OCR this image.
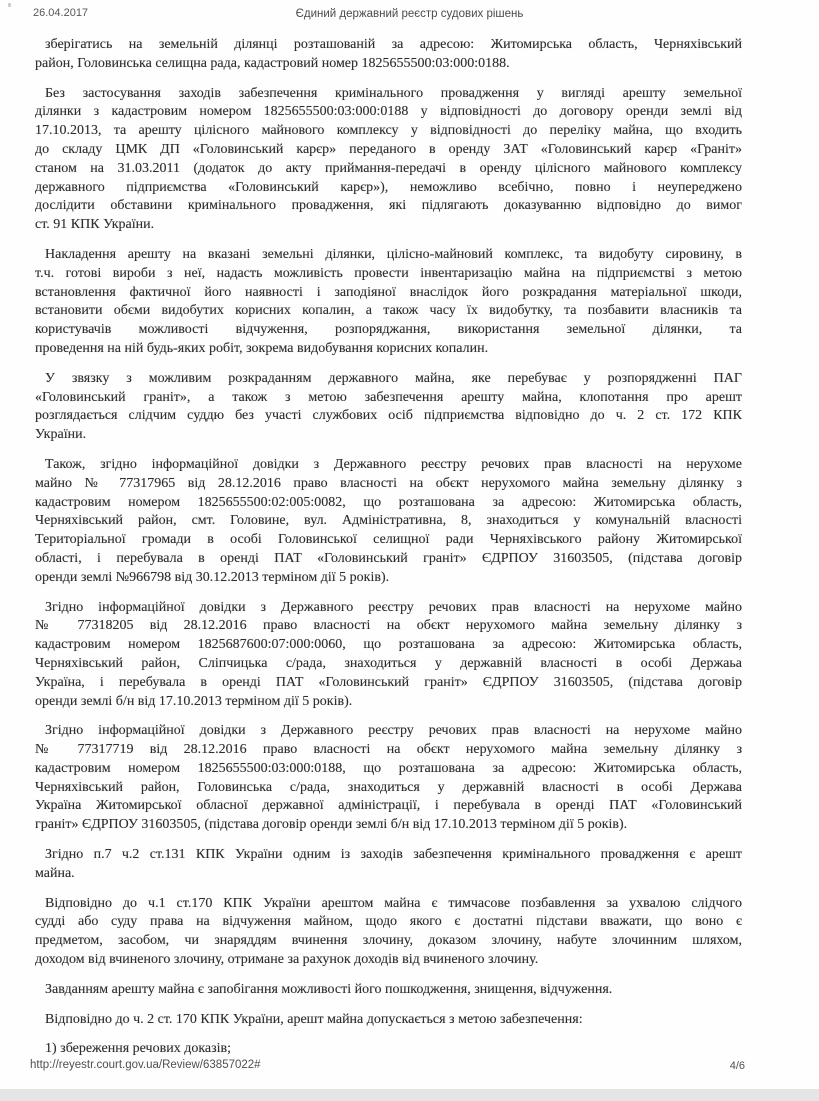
26.04.2017	Єдиний державний реєстр судових рішень
зберігатись на земельній ділянці розташованій за адресою: Житомирська область, Черняхівський
район, Головинська селищна рада, кадастровий номер 1825655500:03:000:0188.
Без застосування заходів забезпечення кримінального провадження у вигляді арешту земельної
ділянки з кадастровим номером 1825655500:03:000:0188 у відповідності до договору оренди землі від
17.10.2013, та арешту цілісного майнового комплексу у відповідності до переліку майна, що входить
до складу ЦМК ДП «Головинський карєр» переданого в оренду ЗАТ «Головинський карєр «Граніт»
станом на 31.03.2011 (додаток до акту приймання-передачі в оренду цілісного майнового комплексу
державного підприємства «Головинський карєр»), неможливо всебічно, повно і неупереджено
дослідити обставини кримінального провадження, які підлягають доказуванню відповідно до вимог
ст. 91 КПК України.
Накладення арешту на вказані земельні ділянки, цілісно-майновий комплекс, та видобуту сировину, в
т.ч. готові вироби з неї, надасть можливість провести інвентаризацію майна на підприємстві з метою
встановлення фактичної його наявності і заподіяної внаслідок його розкрадання матеріальної шкоди,
встановити обєми видобутих корисних копалин, а також часу їх видобутку, та позбавити власників та
користувачів можливості відчуження, розпоряджання, використання земельної ділянки, та
проведення на ній будь-яких робіт, зокрема видобування корисних копалин.
У звязку з можливим розкраданням державного майна, яке перебуває у розпорядженні ПАГ
«Головинський граніт», а також з метою забезпечення арешту майна, клопотання про арешт
розглядається слідчим суддю без участі службових осіб підприємства відповідно до ч. 2 ст. 172 КПК
України.
Також, згідно інформаційної довідки з Державного реєстру речових прав власності на нерухоме
майно № 77317965 від 28.12.2016 право власності на обєкт нерухомого майна земельну ділянку з
кадастровим номером 1825655500:02:005:0082, що розташована за адресою: Житомирська область,
Черняхівський район, смт. Головине, вул. Адміністративна, 8, знаходиться у комунальній власності
Територіальної громади в особі Головинської селищної ради Черняхівського району Житомирської
області, і перебувала в оренді ПАТ «Головинський граніт» ЄДРПОУ 31603505, (підстава договір
оренди землі №966798 від 30.12.2013 терміном дії 5 років).
Згідно інформаційної довідки з Державного реєстру речових прав власності на нерухоме майно
№ 77318205 від 28.12.2016 право власності на обєкт нерухомого майна земельну ділянку з
кадастровим номером 1825687600:07:000:0060, що розташована за адресою: Житомирська область,
Черняхівський район, Сліпчицька с/рада, знаходиться у державній власності в особі Держаьа
Україна, і перебувала в оренді ПАТ «Головинський граніт» ЄДРПОУ 31603505, (підстава договір
оренди землі б/н від 17.10.2013 терміном дії 5 років).
Згідно інформаційної довідки з Державного реєстру речових прав власності на нерухоме майно
№ 77317719 від 28.12.2016 право власності на обєкт нерухомого майна земельну ділянку з
кадастровим номером 1825655500:03:000:0188, що розташована за адресою: Житомирська область,
Черняхівський район, Головинська с/рада, знаходиться у державній власності в особі Держава
Україна Житомирської обласної державної адміністрації, і перебувала в оренді ПАТ «Головинський
граніт» ЄДРПОУ 31603505, (підстава договір оренди землі б/н від 17.10.2013 терміном дії 5 років).
Згідно п.7 ч.2 ст.131 КПК України одним із заходів забезпечення кримінального провадження є арешт
майна.
Відповідно до ч.1 ст.170 КПК України арештом майна є тимчасове позбавлення за ухвалою слідчого
судді або суду права на відчуження майном, щодо якого є достатні підстави вважати, що воно є
предметом, засобом, чи знаряддям вчинення злочину, доказом злочину, набуте злочинним шляхом,
доходом від вчиненого злочину, отримане за рахунок доходів від вчиненого злочину.
Завданням арешту майна є запобігання можливості його пошкодження, знищення, відчуження.
Відповідно до ч. 2 ст. 170 КПК України, арешт майна допускається з метою забезпечення:
1) збереження речових доказів;
http://reyestr.court.gov.ua/Review/63857022#	4/6
